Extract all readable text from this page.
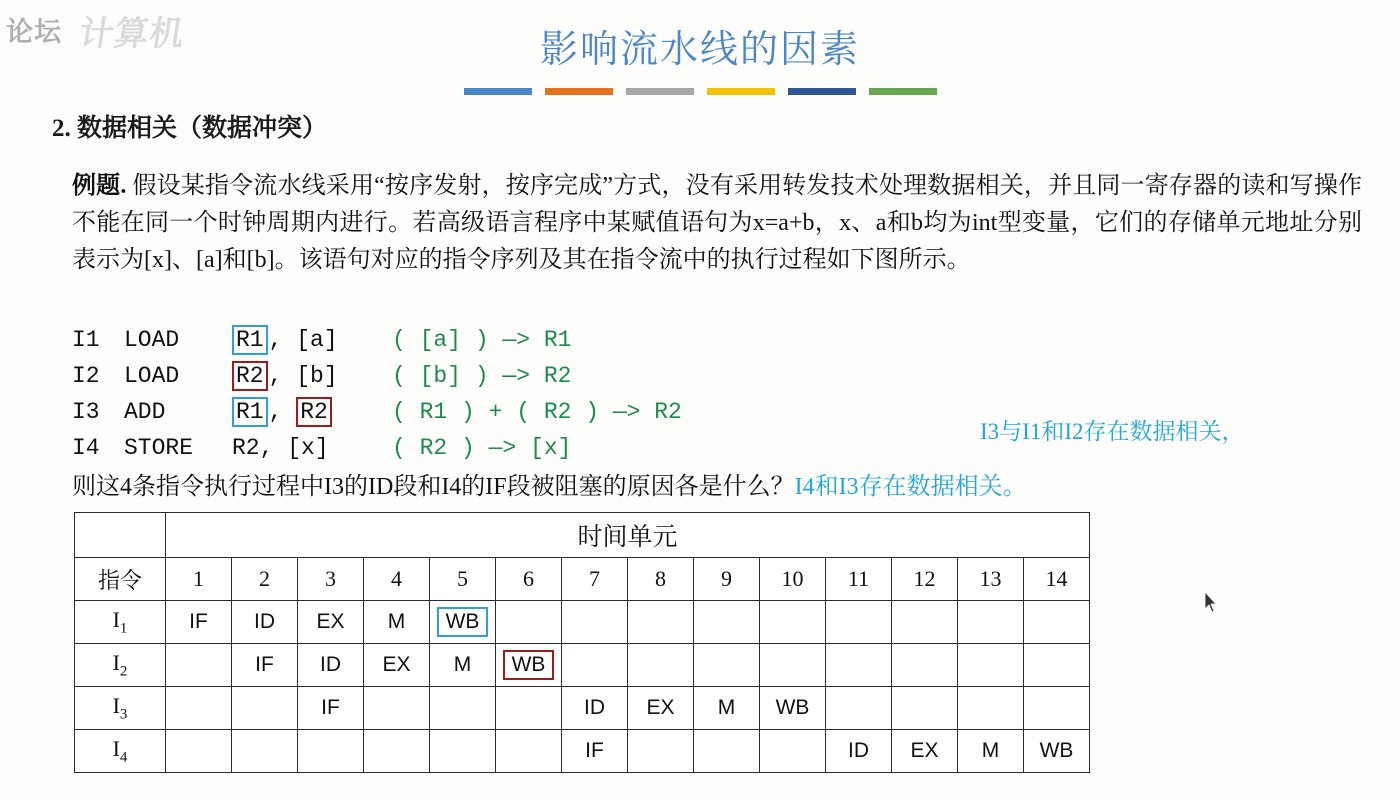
论坛 计算机	影响流水线的因素
2. 数据相关（数据冲突）
例题. 假设某指令流水线采用“按序发射，按序完成”方式，没有采用转发技术处理数据相关，并且同一寄存器的读和写操作不能在同一个时钟周期内进行。若高级语言程序中某赋值语句为x=a+b，x、a和b均为int型变量，它们的存储单元地址分别表示为[x]、[a]和[b]。该语句对应的指令序列及其在指令流中的执行过程如下图所示。
I1 LOAD R1 , [a] ( [a] ) —> R1
I2 LOAD R2 , [b] ( [b] ) —> R2
I3 ADD	R1 , R2	( R1 ) + ( R2 ) —> R2
I4 STORE R2, [x]	( R2 ) —> [x]
则这4条指令执行过程中I3的ID段和I4的IF段被阻塞的原因各是什么？I4和I3存在数据相关。
I3与I1和I2存在数据相关，
	时间单元													
指令	1	2	3	4	5	6	7	8	9	10	11	12	13	14
$I_1$	IF	ID	EX	M	WB									
$I_2$		IF	ID	EX	M	WB								
$I_3$			IF				ID	EX	M	WB				
$I_4$							IF				ID	EX	M	WB
